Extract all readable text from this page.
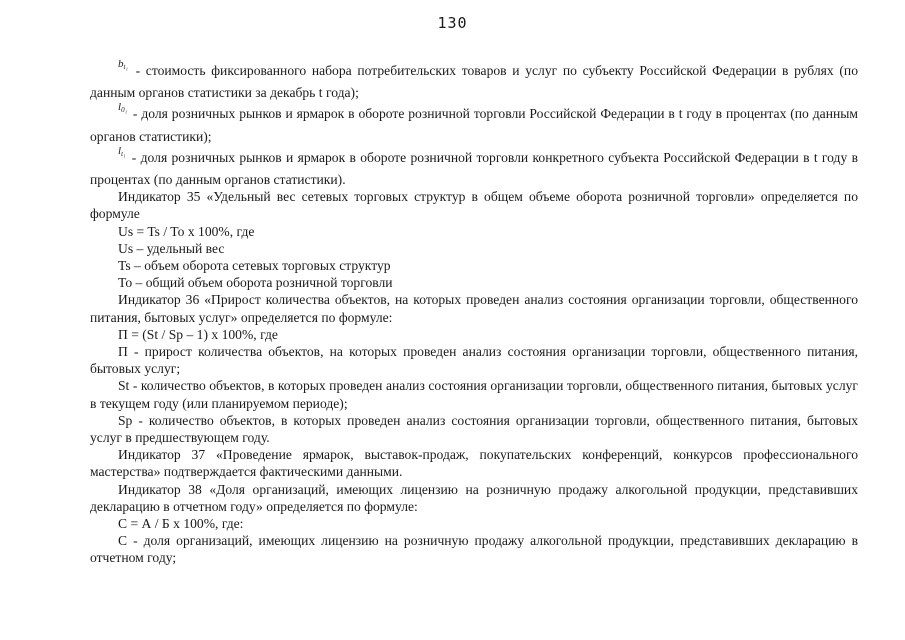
130

$^{b_{t_1}}$ - стоимость фиксированного набора потребительских товаров и услуг по субъекту Российской Федерации в рублях (по данным органов статистики за декабрь t года);

$^{l_{0_1}}$ - доля розничных рынков и ярмарок в обороте розничной торговли Российской Федерации в t году в процентах (по данным органов статистики);

$^{l_{t_1}}$ - доля розничных рынков и ярмарок в обороте розничной торговли конкретного субъекта Российской Федерации в t году в процентах (по данным органов статистики).

Индикатор 35 «Удельный вес сетевых торговых структур в общем объеме оборота розничной торговли» определяется по формуле

Us = Ts / To x 100%, где

Us – удельный вес

Ts – объем оборота сетевых торговых структур

To – общий объем оборота розничной торговли

Индикатор 36 «Прирост количества объектов, на которых проведен анализ состояния организации торговли, общественного питания, бытовых услуг» определяется по формуле:

П = (St / Sp – 1) x 100%, где

П - прирост количества объектов, на которых проведен анализ состояния организации торговли, общественного питания, бытовых услуг;

St - количество объектов, в которых проведен анализ состояния организации торговли, общественного питания, бытовых услуг в текущем году (или планируемом периоде);

Sp - количество объектов, в которых проведен анализ состояния организации торговли, общественного питания, бытовых услуг в предшествующем году.

Индикатор 37 «Проведение ярмарок, выставок-продаж, покупательских конференций, конкурсов профессионального мастерства» подтверждается фактическими данными.

Индикатор 38 «Доля организаций, имеющих лицензию на розничную продажу алкогольной продукции, представивших декларацию в отчетном году» определяется по формуле:

С = А / Б x 100%, где:

С - доля организаций, имеющих лицензию на розничную продажу алкогольной продукции, представивших декларацию в отчетном году;
